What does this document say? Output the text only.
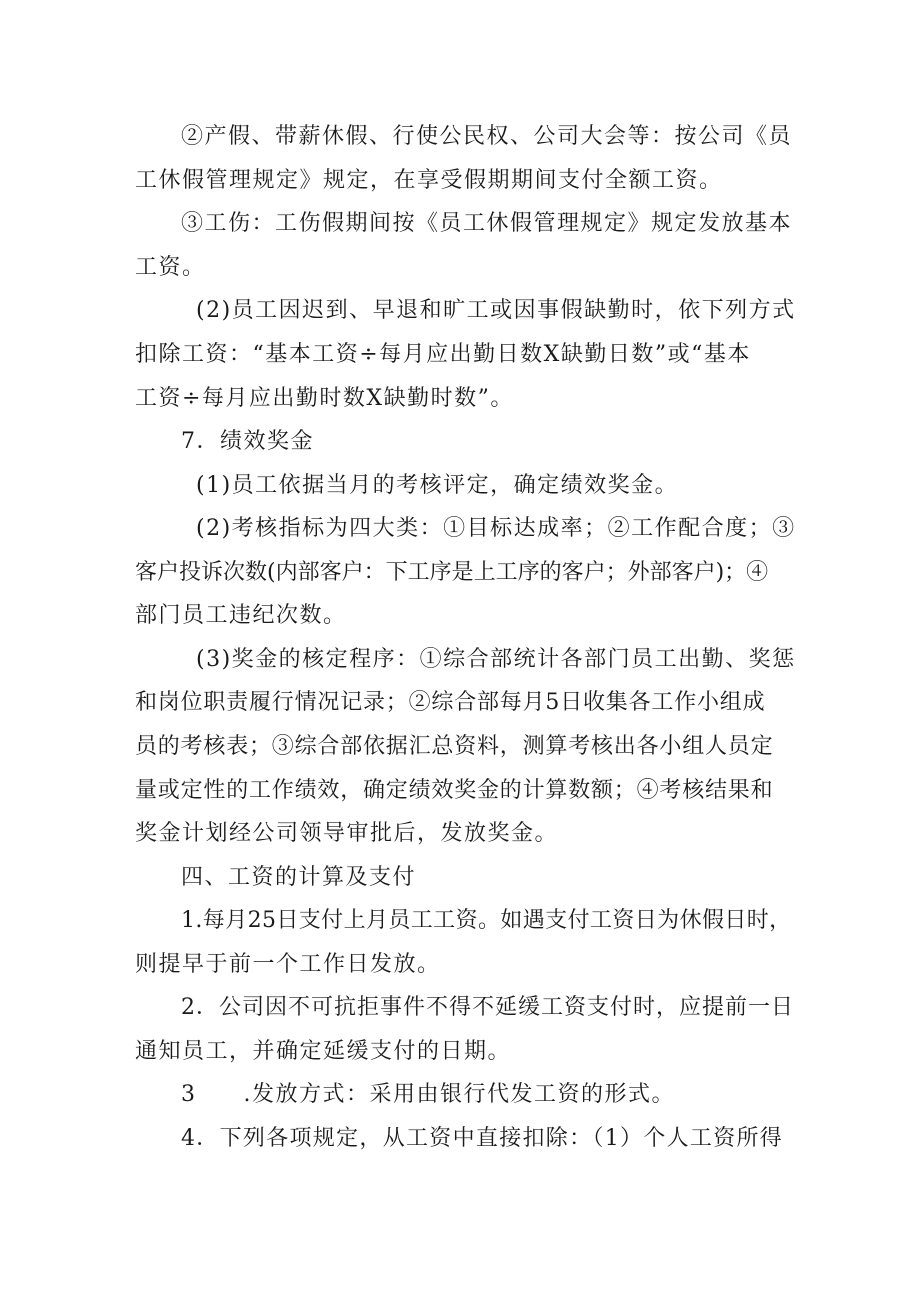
②产假、带薪休假、行使公民权、公司大会等：按公司《员
工休假管理规定》规定，在享受假期期间支付全额工资。
③工伤：工伤假期间按《员工休假管理规定》规定发放基本
工资。
(2)员工因迟到、早退和旷工或因事假缺勤时，依下列方式
扣除工资：“基本工资÷每月应出勤日数X缺勤日数”或“基本
工资÷每月应出勤时数X缺勤时数”。
7．绩效奖金
(1)员工依据当月的考核评定，确定绩效奖金。
(2)考核指标为四大类：①目标达成率；②工作配合度；③
客户投诉次数(内部客户：下工序是上工序的客户；外部客户)；④
部门员工违纪次数。
(3)奖金的核定程序：①综合部统计各部门员工出勤、奖惩
和岗位职责履行情况记录；②综合部每月5日收集各工作小组成
员的考核表；③综合部依据汇总资料，测算考核出各小组人员定
量或定性的工作绩效，确定绩效奖金的计算数额；④考核结果和
奖金计划经公司领导审批后，发放奖金。
四、工资的计算及支付
1.每月25日支付上月员工工资。如遇支付工资日为休假日时，
则提早于前一个工作日发放。
2．公司因不可抗拒事件不得不延缓工资支付时，应提前一日
通知员工，并确定延缓支付的日期。
3　　.发放方式：采用由银行代发工资的形式。
4．下列各项规定，从工资中直接扣除：（1）个人工资所得
